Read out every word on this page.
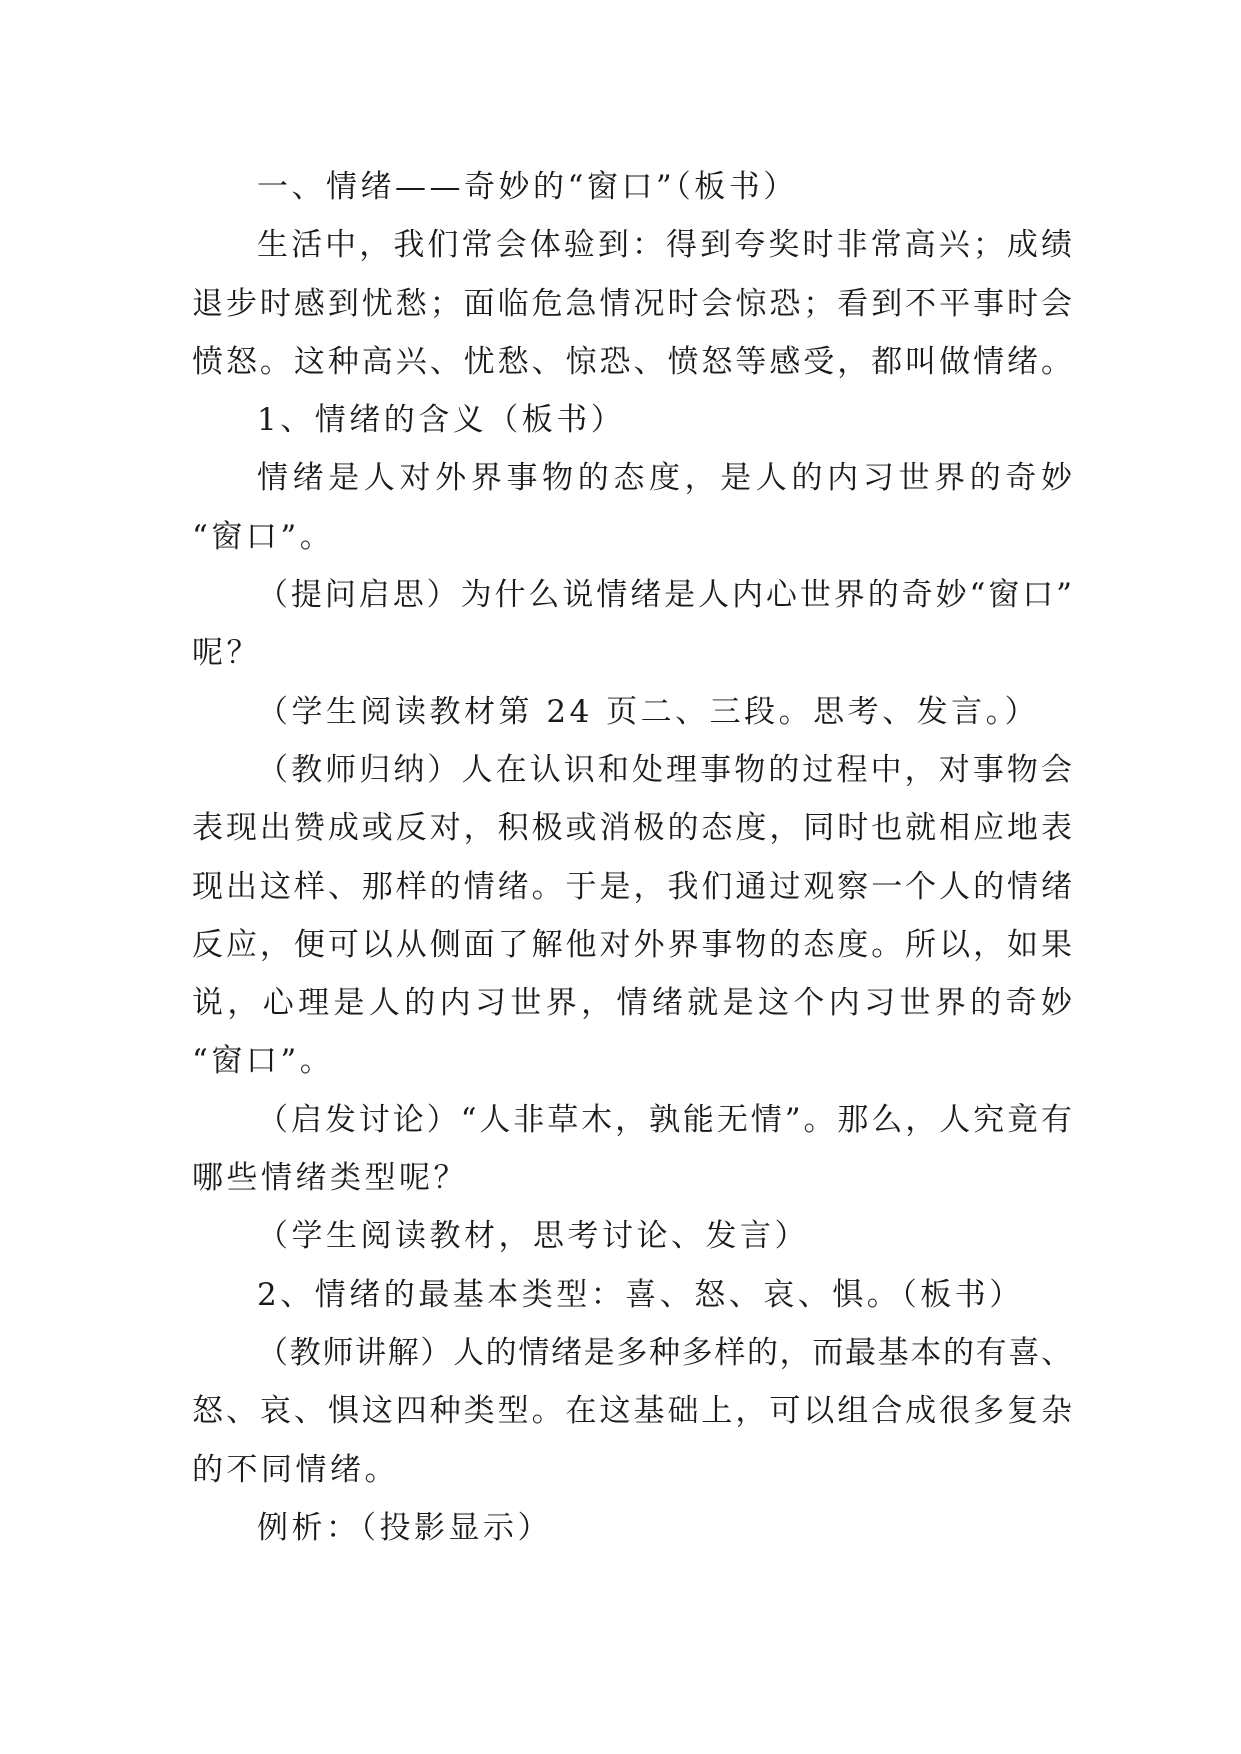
一、情绪——奇妙的“窗口”（板书）
生活中，我们常会体验到：得到夸奖时非常高兴；成绩
退步时感到忧愁；面临危急情况时会惊恐；看到不平事时会
愤怒。这种高兴、忧愁、惊恐、愤怒等感受，都叫做情绪。
1、情绪的含义（板书）
情绪是人对外界事物的态度，是人的内习世界的奇妙
“窗口”。
（提问启思）为什么说情绪是人内心世界的奇妙“窗口”
呢？
（学生阅读教材第 24 页二、三段。思考、发言。）
（教师归纳）人在认识和处理事物的过程中，对事物会
表现出赞成或反对，积极或消极的态度，同时也就相应地表
现出这样、那样的情绪。于是，我们通过观察一个人的情绪
反应，便可以从侧面了解他对外界事物的态度。所以，如果
说，心理是人的内习世界，情绪就是这个内习世界的奇妙
“窗口”。
（启发讨论）“人非草木，孰能无情”。那么，人究竟有
哪些情绪类型呢？
（学生阅读教材，思考讨论、发言）
2、情绪的最基本类型：喜、怒、哀、惧。（板书）
（教师讲解）人的情绪是多种多样的，而最基本的有喜、
怒、哀、惧这四种类型。在这基础上，可以组合成很多复杂
的不同情绪。
例析：（投影显示）
